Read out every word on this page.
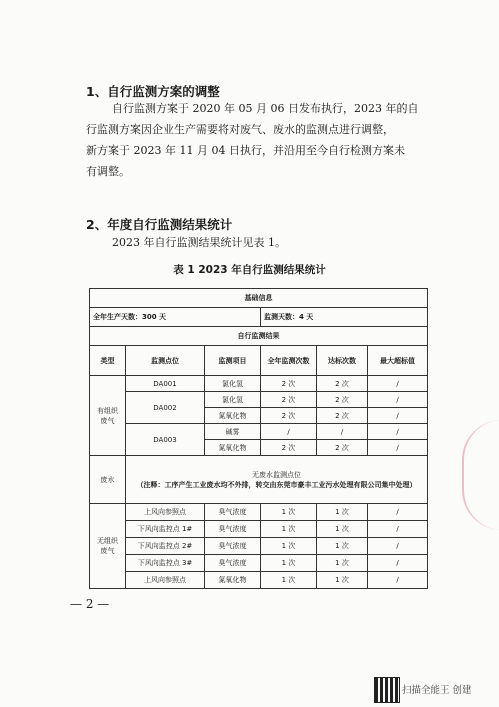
1、自行监测方案的调整
自行监测方案于 2020 年 05 月 06 日发布执行，2023 年的自
行监测方案因企业生产需要将对废气、废水的监测点进行调整，
新方案于 2023 年 11 月 04 日执行，并沿用至今自行检测方案未
有调整。
2、年度自行监测结果统计
2023 年自行监测结果统计见表 1。
表 1 2023 年自行监测结果统计
基础信息					
全年生产天数：300 天			监测天数：4 天		
自行监测结果					
类型	监测点位	监测项目	全年监测次数	达标次数	最大超标值
有组织废气	DA001	氯化氢	2 次	2 次	/
	DA002	氯化氢	2 次	2 次	/
		氮氧化物	2 次	2 次	/
	DA003	碱雾	/	/	/
		氮氧化物	2 次	2 次	/
废水	无废水监测点位
（注释：工序产生工业废水均不外排，转交由东莞市豪丰工业污水处理有限公司集中处理）				

无组织废气	上风向参照点	臭气浓度	1 次	1 次	/
	下风向监控点 1#	臭气浓度	1 次	1 次	/
	下风向监控点 2#	臭气浓度	1 次	1 次	/
	下风向监控点 3#	臭气浓度	1 次	1 次	/
	上风向参照点	氮氧化物	1 次	1 次	/
— 2 —
扫描全能王 创建
